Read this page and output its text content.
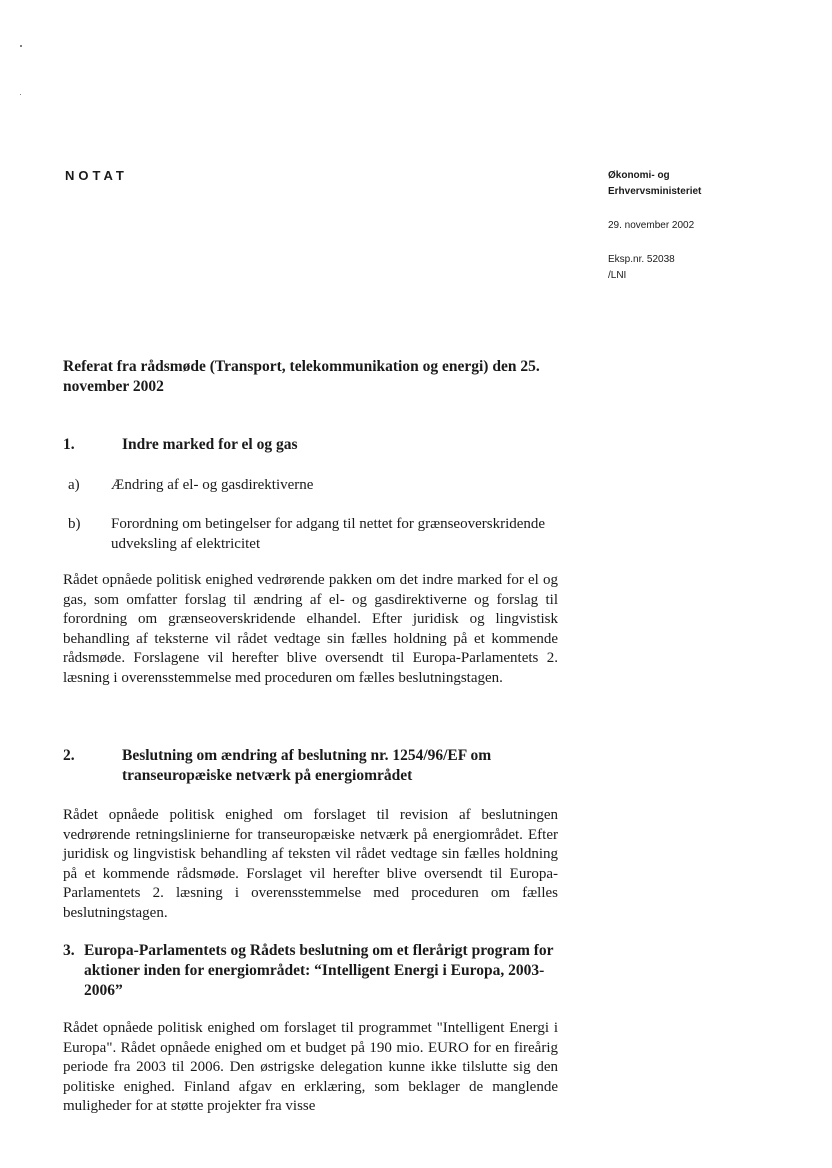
NOTAT	Økonomi- og
Erhvervsministeriet
29. november 2002
Eksp.nr. 52038
/LNI
Referat fra rådsmøde (Transport, telekommunikation og energi) den 25. november 2002
1.	Indre marked for el og gas
a) Ændring af el- og gasdirektiverne
b) Forordning om betingelser for adgang til nettet for grænseoverskridende udveksling af elektricitet
Rådet opnåede politisk enighed vedrørende pakken om det indre marked for el og gas, som omfatter forslag til ændring af el- og gasdirektiverne og forslag til forordning om grænseoverskridende elhandel. Efter juridisk og lingvistisk behandling af teksterne vil rådet vedtage sin fælles holdning på et kommende rådsmøde. Forslagene vil herefter blive oversendt til Europa-Parlamentets 2. læsning i overensstemmelse med proceduren om fælles beslutningstagen.
2.	Beslutning om ændring af beslutning nr. 1254/96/EF om transeuropæiske netværk på energiområdet
Rådet opnåede politisk enighed om forslaget til revision af beslutningen vedrørende retningslinierne for transeuropæiske netværk på energiområdet. Efter juridisk og lingvistisk behandling af teksten vil rådet vedtage sin fælles holdning på et kommende rådsmøde. Forslaget vil herefter blive oversendt til Europa-Parlamentets 2. læsning i overensstemmelse med proceduren om fælles beslutningstagen.
3. Europa-Parlamentets og Rådets beslutning om et flerårigt program for aktioner inden for energiområdet: “Intelligent Energi i Europa, 2003-2006”
Rådet opnåede politisk enighed om forslaget til programmet "Intelligent Energi i Europa". Rådet opnåede enighed om et budget på 190 mio. EURO for en fireårig periode fra 2003 til 2006. Den østrigske delegation kunne ikke tilslutte sig den politiske enighed. Finland afgav en erklæring, som beklager de manglende muligheder for at støtte projekter fra visse
